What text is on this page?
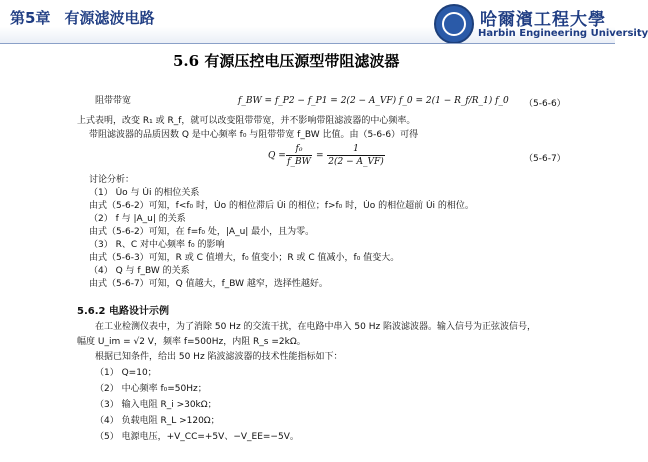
第5章 有源滤波电路	哈爾濱工程大學
Harbin Engineering University
5.6 有源压控电压源型带阻滤波器
阻带带宽	f_BW = f_P2 − f_P1 = 2(2 − A_VF) f_0 = 2(1 − R_f/R_1) f_0 （5-6-6）
上式表明，改变 R₁ 或 R_f，就可以改变阻带带宽，并不影响带阻滤波器的中心频率。
带阻滤波器的品质因数 Q 是中心频率 f₀ 与阻带带宽 f_BW 比值。由（5-6-6）可得
Q =
f₀
f_BW
=
1
2(2 − A_VF)	（5-6-7）
讨论分析：
（1） U̇o 与 U̇i 的相位关系
由式（5-6-2）可知，f<f₀ 时，U̇o 的相位滞后 U̇i 的相位；f>f₀ 时，U̇o 的相位超前 U̇i 的相位。
（2） f 与 |A_u| 的关系
由式（5-6-2）可知，在 f=f₀ 处，|A_u| 最小，且为零。
（3） R、C 对中心频率 f₀ 的影响
由式（5-6-3）可知，R 或 C 值增大，f₀ 值变小；R 或 C 值减小，f₀ 值变大。
（4） Q 与 f_BW 的关系
由式（5-6-7）可知，Q 值越大，f_BW 越窄，选择性越好。
5.6.2 电路设计示例
在工业检测仪表中，为了消除 50 Hz 的交流干扰，在电路中串入 50 Hz 陷波滤波器。输入信号为正弦波信号，
幅度 U_im = √2 V，频率 f=500Hz，内阻 R_s =2kΩ。
根据已知条件，给出 50 Hz 陷波滤波器的技术性能指标如下：
（1） Q=10；
（2） 中心频率 f₀=50Hz；
（3） 输入电阻 R_i >30kΩ；
（4） 负载电阻 R_L >120Ω；
（5） 电源电压，+V_CC=+5V、−V_EE=−5V。
